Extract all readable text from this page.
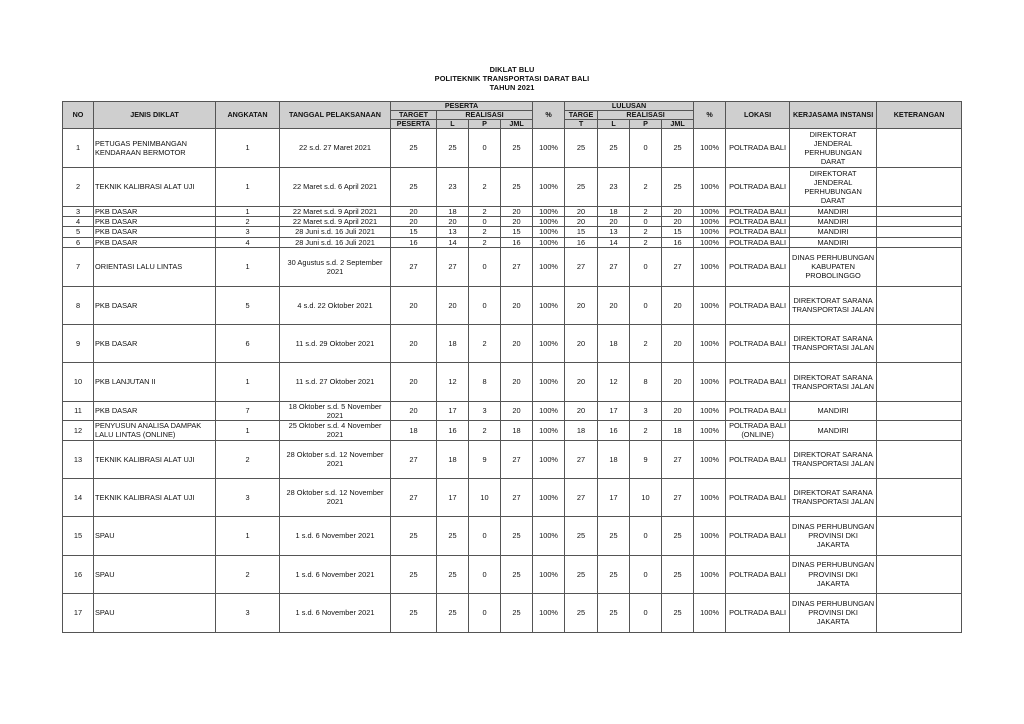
DIKLAT BLU
POLITEKNIK TRANSPORTASI DARAT BALI
TAHUN 2021
NO	JENIS DIKLAT	ANGKATAN	TANGGAL PELAKSANAAN	PESERTA				%	LULUSAN				%	LOKASI	KERJASAMA INSTANSI	KETERANGAN
				TARGET	REALISASI				TARGE	REALISASI						
				PESERTA	L	P	JML		T	L	P	JML				
1	PETUGAS PENIMBANGAN KENDARAAN BERMOTOR	1	22 s.d. 27 Maret 2021	25	25	0	25	100%	25	25	0	25	100%	POLTRADA BALI	DIREKTORAT JENDERAL PERHUBUNGAN DARAT	
2	TEKNIK KALIBRASI ALAT UJI	1	22 Maret s.d. 6 April 2021	25	23	2	25	100%	25	23	2	25	100%	POLTRADA BALI	DIREKTORAT JENDERAL PERHUBUNGAN DARAT	
3	PKB DASAR	1	22 Maret s.d. 9 April 2021	20	18	2	20	100%	20	18	2	20	100%	POLTRADA BALI	MANDIRI	
4	PKB DASAR	2	22 Maret s.d. 9 April 2021	20	20	0	20	100%	20	20	0	20	100%	POLTRADA BALI	MANDIRI	
5	PKB DASAR	3	28 Juni s.d. 16 Juli 2021	15	13	2	15	100%	15	13	2	15	100%	POLTRADA BALI	MANDIRI	
6	PKB DASAR	4	28 Juni s.d. 16 Juli 2021	16	14	2	16	100%	16	14	2	16	100%	POLTRADA BALI	MANDIRI	
7	ORIENTASI LALU LINTAS	1	30 Agustus s.d. 2 September 2021	27	27	0	27	100%	27	27	0	27	100%	POLTRADA BALI	DINAS PERHUBUNGAN KABUPATEN PROBOLINGGO	
8	PKB DASAR	5	4 s.d. 22 Oktober 2021	20	20	0	20	100%	20	20	0	20	100%	POLTRADA BALI	DIREKTORAT SARANA TRANSPORTASI JALAN	
9	PKB DASAR	6	11 s.d. 29 Oktober 2021	20	18	2	20	100%	20	18	2	20	100%	POLTRADA BALI	DIREKTORAT SARANA TRANSPORTASI JALAN	
10	PKB LANJUTAN II	1	11 s.d. 27 Oktober 2021	20	12	8	20	100%	20	12	8	20	100%	POLTRADA BALI	DIREKTORAT SARANA TRANSPORTASI JALAN	
11	PKB DASAR	7	18 Oktober s.d. 5 November 2021	20	17	3	20	100%	20	17	3	20	100%	POLTRADA BALI	MANDIRI	
12	PENYUSUN ANALISA DAMPAK LALU LINTAS (ONLINE)	1	25 Oktober s.d. 4 November 2021	18	16	2	18	100%	18	16	2	18	100%	POLTRADA BALI (ONLINE)	MANDIRI	
13	TEKNIK KALIBRASI ALAT UJI	2	28 Oktober s.d. 12 November 2021	27	18	9	27	100%	27	18	9	27	100%	POLTRADA BALI	DIREKTORAT SARANA TRANSPORTASI JALAN	
14	TEKNIK KALIBRASI ALAT UJI	3	28 Oktober s.d. 12 November 2021	27	17	10	27	100%	27	17	10	27	100%	POLTRADA BALI	DIREKTORAT SARANA TRANSPORTASI JALAN	
15	SPAU	1	1 s.d. 6 November 2021	25	25	0	25	100%	25	25	0	25	100%	POLTRADA BALI	DINAS PERHUBUNGAN PROVINSI DKI JAKARTA	
16	SPAU	2	1 s.d. 6 November 2021	25	25	0	25	100%	25	25	0	25	100%	POLTRADA BALI	DINAS PERHUBUNGAN PROVINSI DKI JAKARTA	
17	SPAU	3	1 s.d. 6 November 2021	25	25	0	25	100%	25	25	0	25	100%	POLTRADA BALI	DINAS PERHUBUNGAN PROVINSI DKI JAKARTA	
